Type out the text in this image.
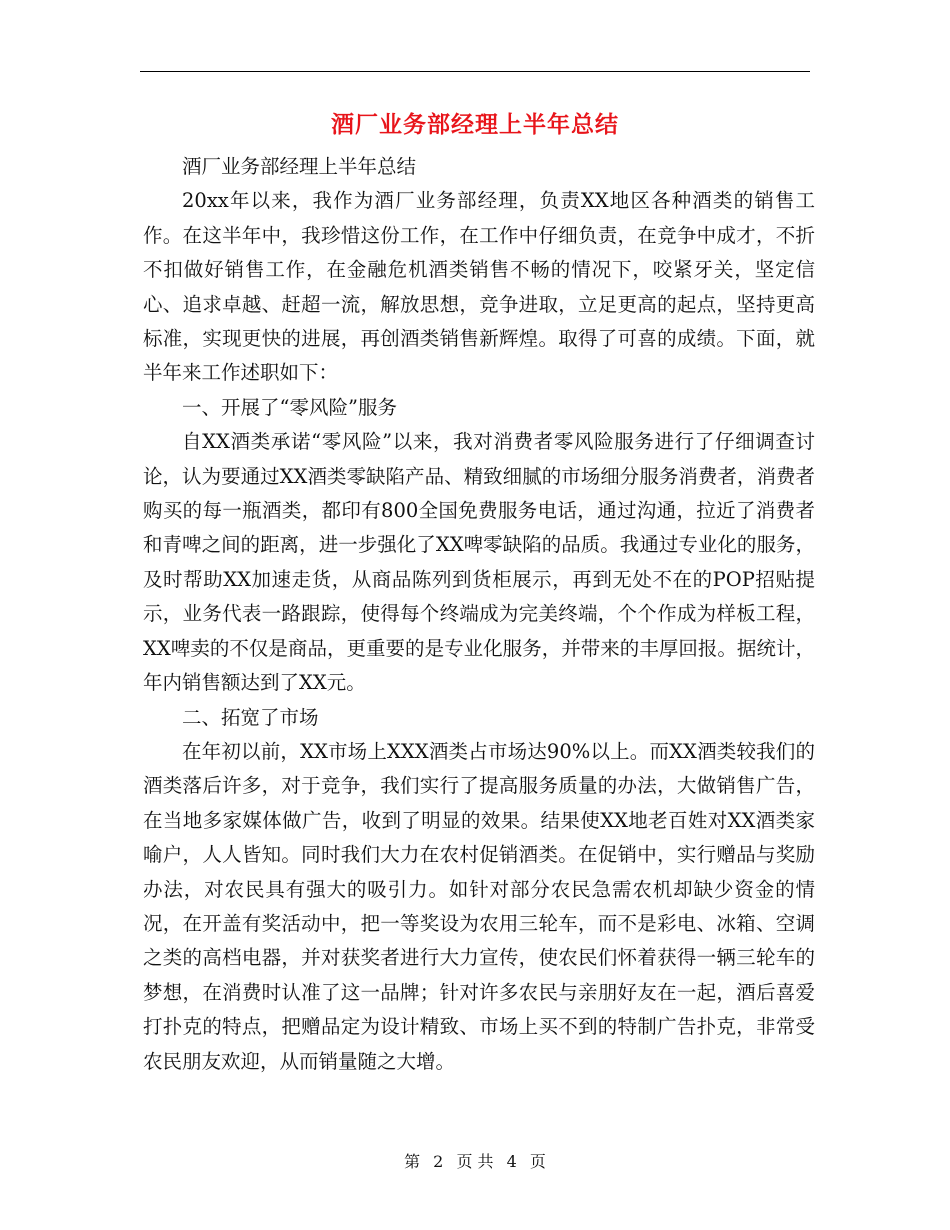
酒厂业务部经理上半年总结

酒厂业务部经理上半年总结

20xx年以来，我作为酒厂业务部经理，负责XX地区各种酒类的销售工作。在这半年中，我珍惜这份工作，在工作中仔细负责，在竞争中成才，不折不扣做好销售工作，在金融危机酒类销售不畅的情况下，咬紧牙关，坚定信心、追求卓越、赶超一流，解放思想，竞争进取，立足更高的起点，坚持更高标准，实现更快的进展，再创酒类销售新辉煌。取得了可喜的成绩。下面，就半年来工作述职如下：

一、开展了“零风险”服务

自XX酒类承诺“零风险”以来，我对消费者零风险服务进行了仔细调查讨论，认为要通过XX酒类零缺陷产品、精致细腻的市场细分服务消费者，消费者购买的每一瓶酒类，都印有800全国免费服务电话，通过沟通，拉近了消费者和青啤之间的距离，进一步强化了XX啤零缺陷的品质。我通过专业化的服务，及时帮助XX加速走货，从商品陈列到货柜展示，再到无处不在的POP招贴提示，业务代表一路跟踪，使得每个终端成为完美终端，个个作成为样板工程，XX啤卖的不仅是商品，更重要的是专业化服务，并带来的丰厚回报。据统计，年内销售额达到了XX元。

二、拓宽了市场

在年初以前，XX市场上XXX酒类占市场达90%以上。而XX酒类较我们的酒类落后许多，对于竞争，我们实行了提高服务质量的办法，大做销售广告，在当地多家媒体做广告，收到了明显的效果。结果使XX地老百姓对XX酒类家喻户，人人皆知。同时我们大力在农村促销酒类。在促销中，实行赠品与奖励办法，对农民具有强大的吸引力。如针对部分农民急需农机却缺少资金的情况，在开盖有奖活动中，把一等奖设为农用三轮车，而不是彩电、冰箱、空调之类的高档电器，并对获奖者进行大力宣传，使农民们怀着获得一辆三轮车的梦想，在消费时认准了这一品牌；针对许多农民与亲朋好友在一起，酒后喜爱打扑克的特点，把赠品定为设计精致、市场上买不到的特制广告扑克，非常受农民朋友欢迎，从而销量随之大增。

第 2 页 共 4 页
